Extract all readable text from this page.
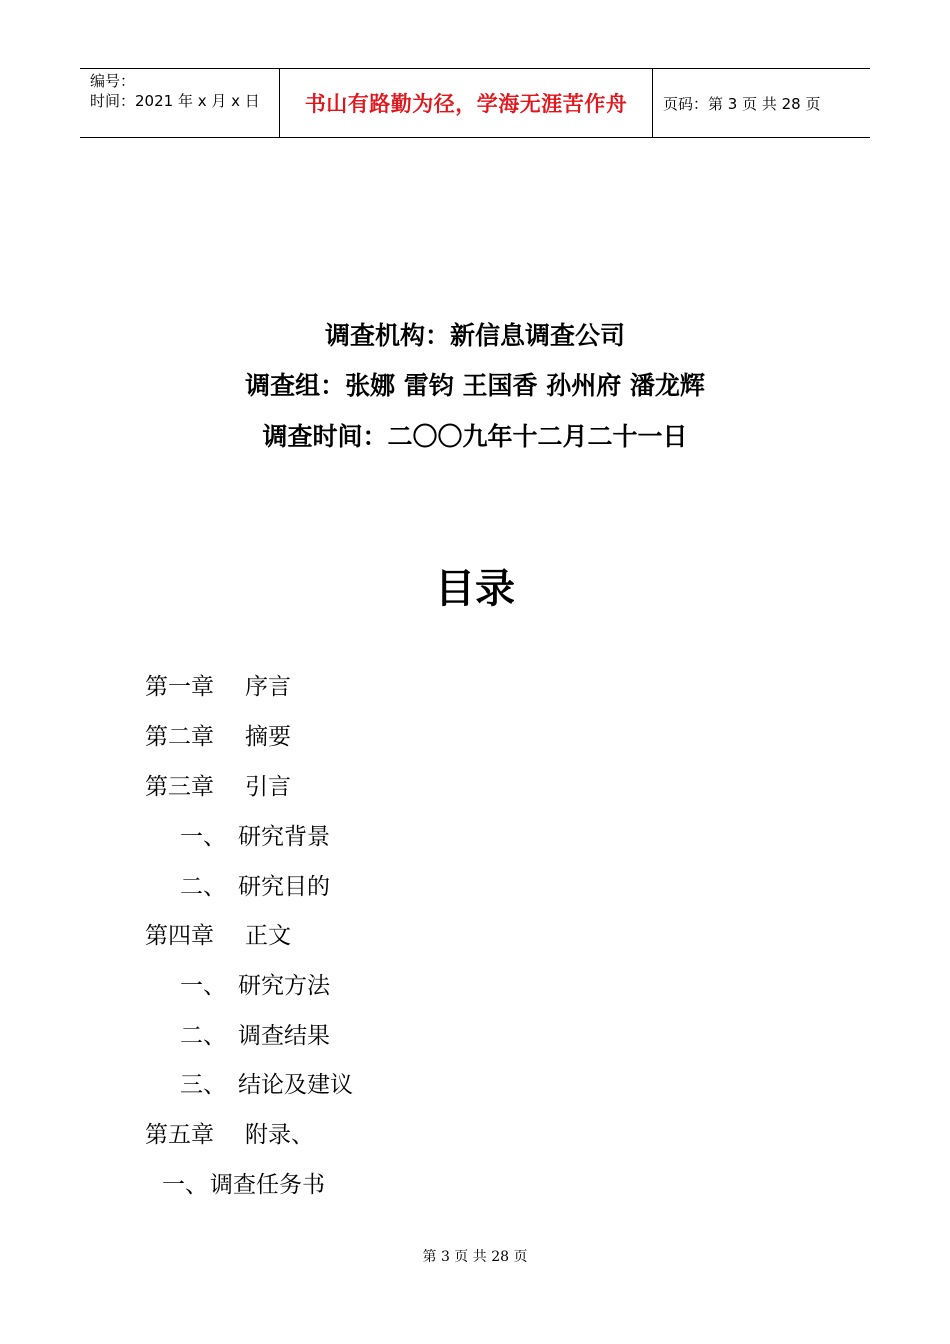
编号：
时间：2021 年 x 月 x 日	书山有路勤为径，学海无涯苦作舟	页码：第 3 页 共 28 页
调查机构：新信息调查公司
调查组：张娜 雷钧 王国香 孙州府 潘龙辉
调查时间：二〇〇九年十二月二十一日
目录
第一章 序言
第二章 摘要
第三章 引言
一、 研究背景
二、 研究目的
第四章 正文
一、 研究方法
二、 调查结果
三、 结论及建议
第五章 附录、
一、调查任务书
第 3 页 共 28 页
